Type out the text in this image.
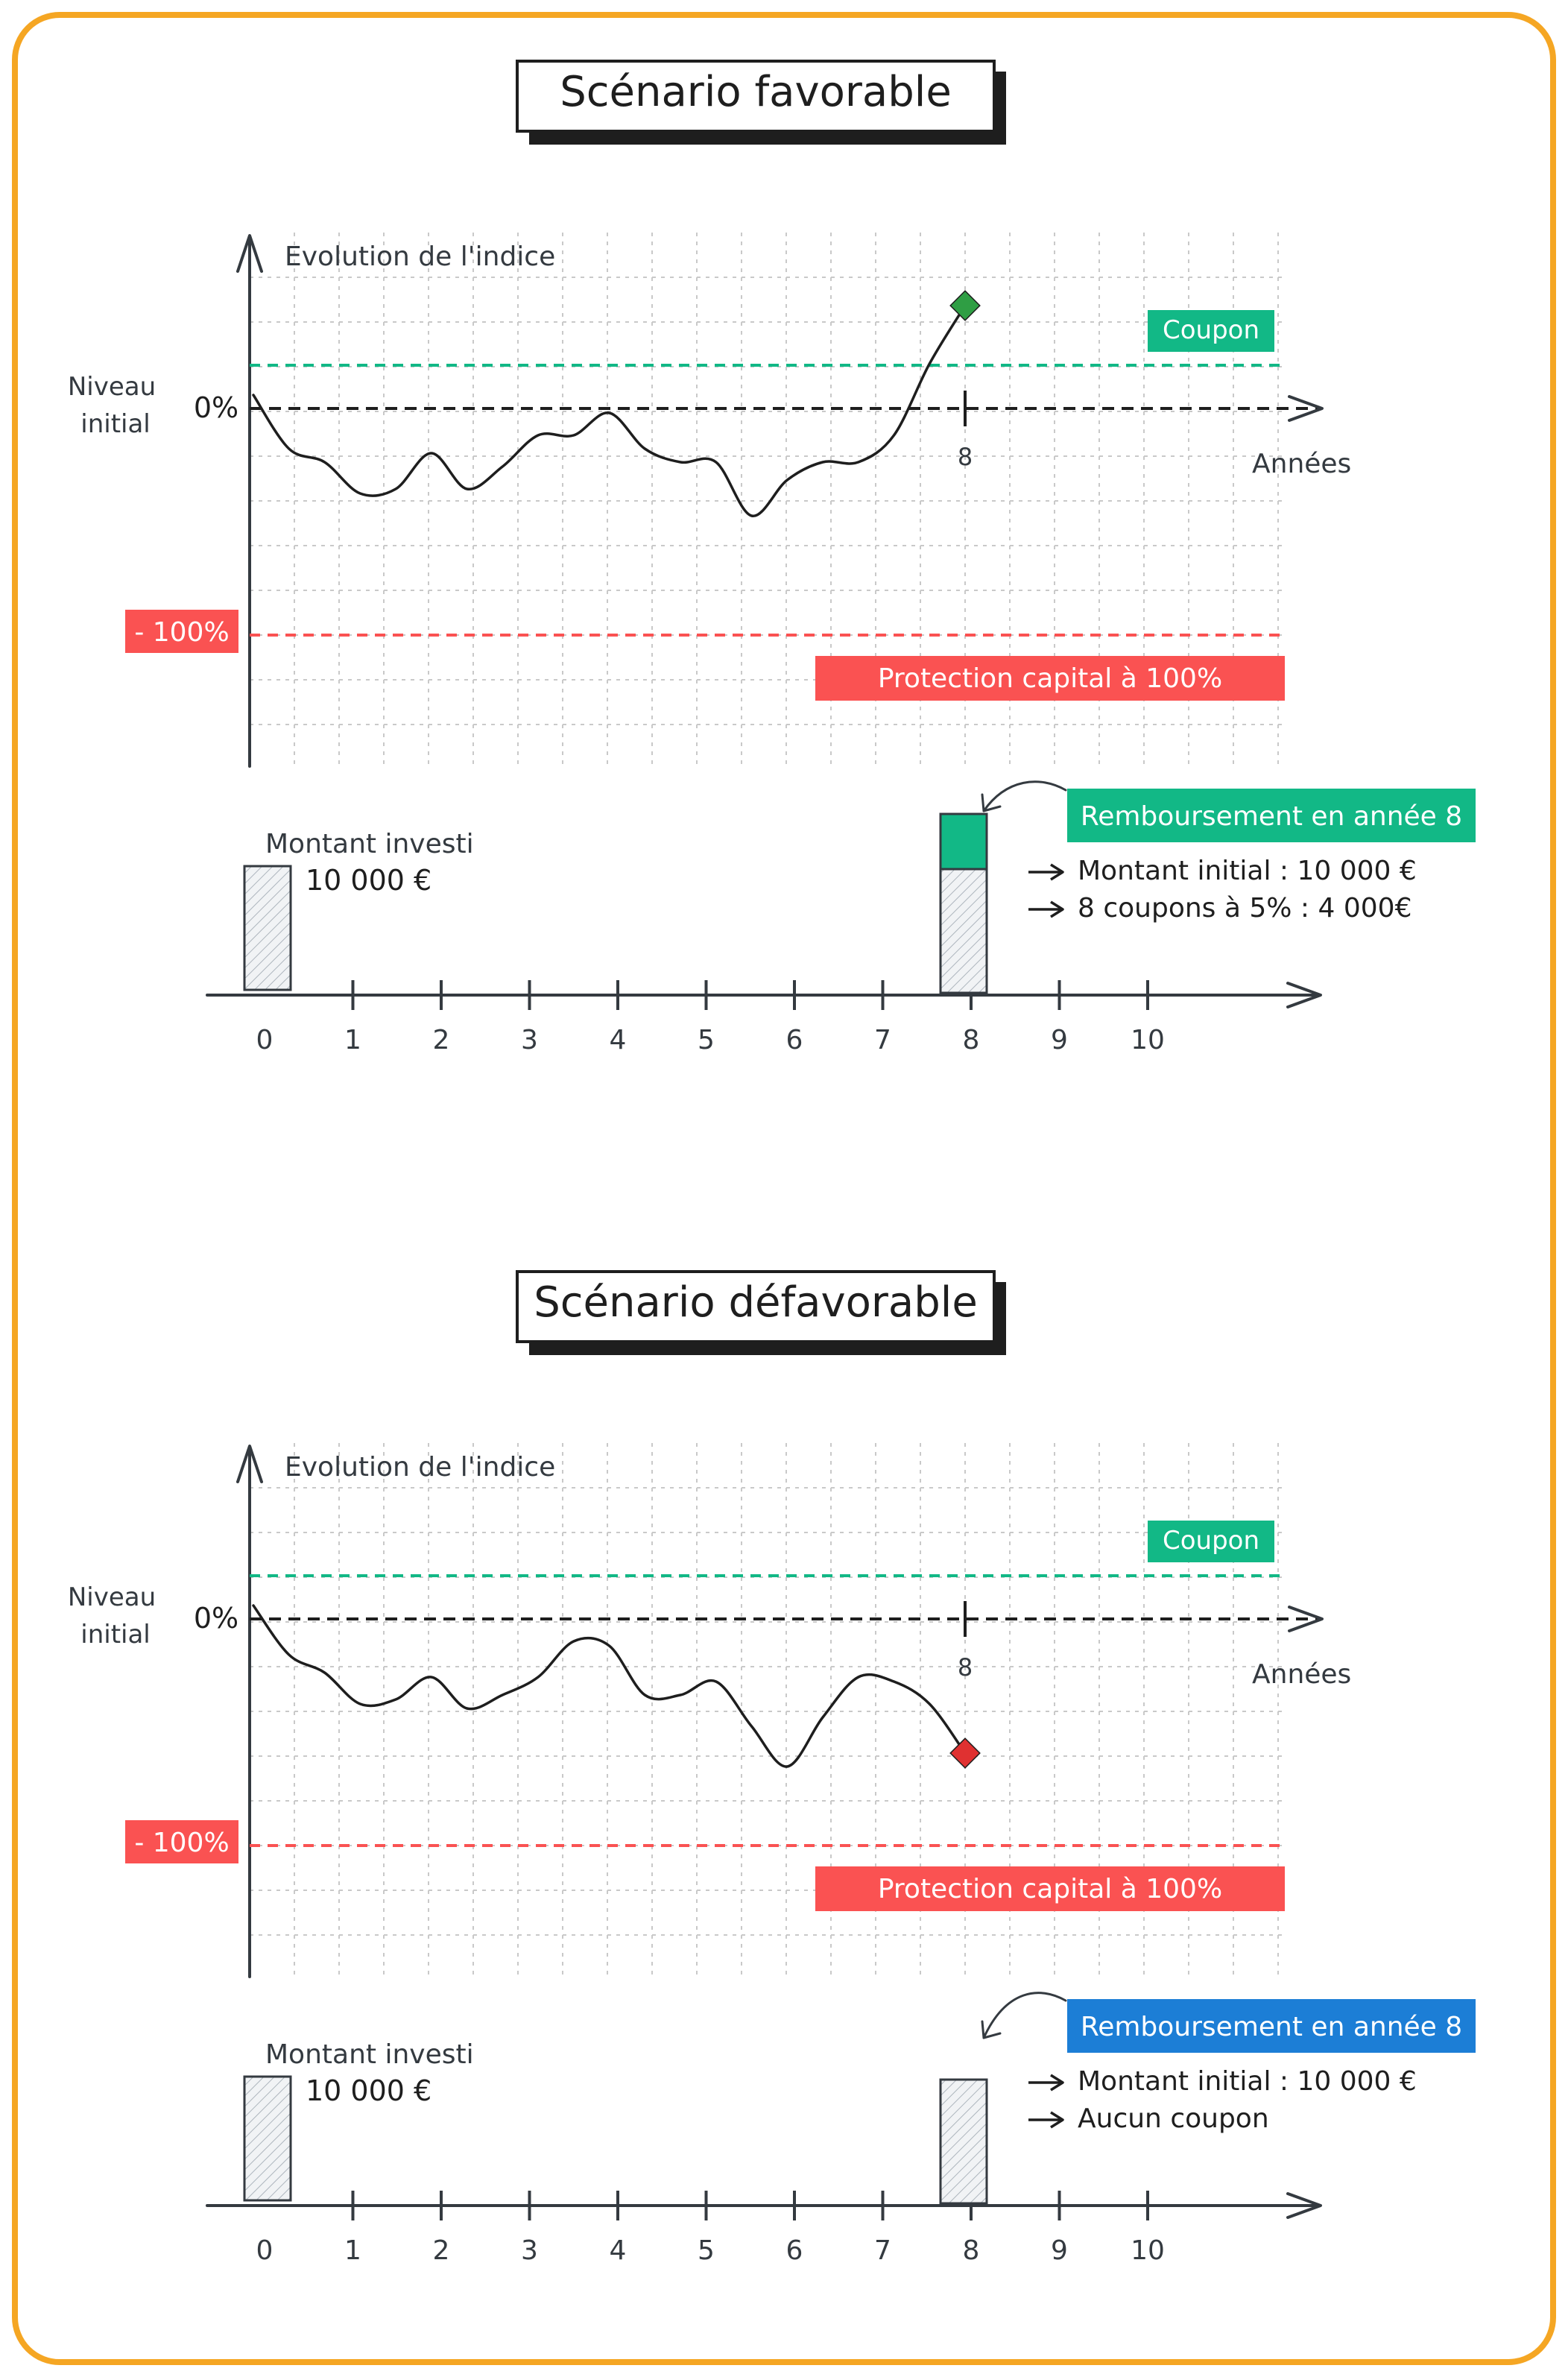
Scénario favorable
Evolution de l'indice
Années
8
Niveau
initial 0%
Coupon
- 100%
Protection capital à 100%
0	1	2	3	4	5	6	7	8	9 10
Montant investi
10 000 €
Remboursement en année 8
Montant initial : 10 000 €
8 coupons à 5% : 4 000€
Scénario défavorable
Evolution de l'indice
Années
8
Niveau
initial 0%
Coupon
- 100%
Protection capital à 100%
0	1	2	3	4	5	6	7	8	9 10
Montant investi
10 000 €
Remboursement en année 8
Montant initial : 10 000 €
Aucun coupon
